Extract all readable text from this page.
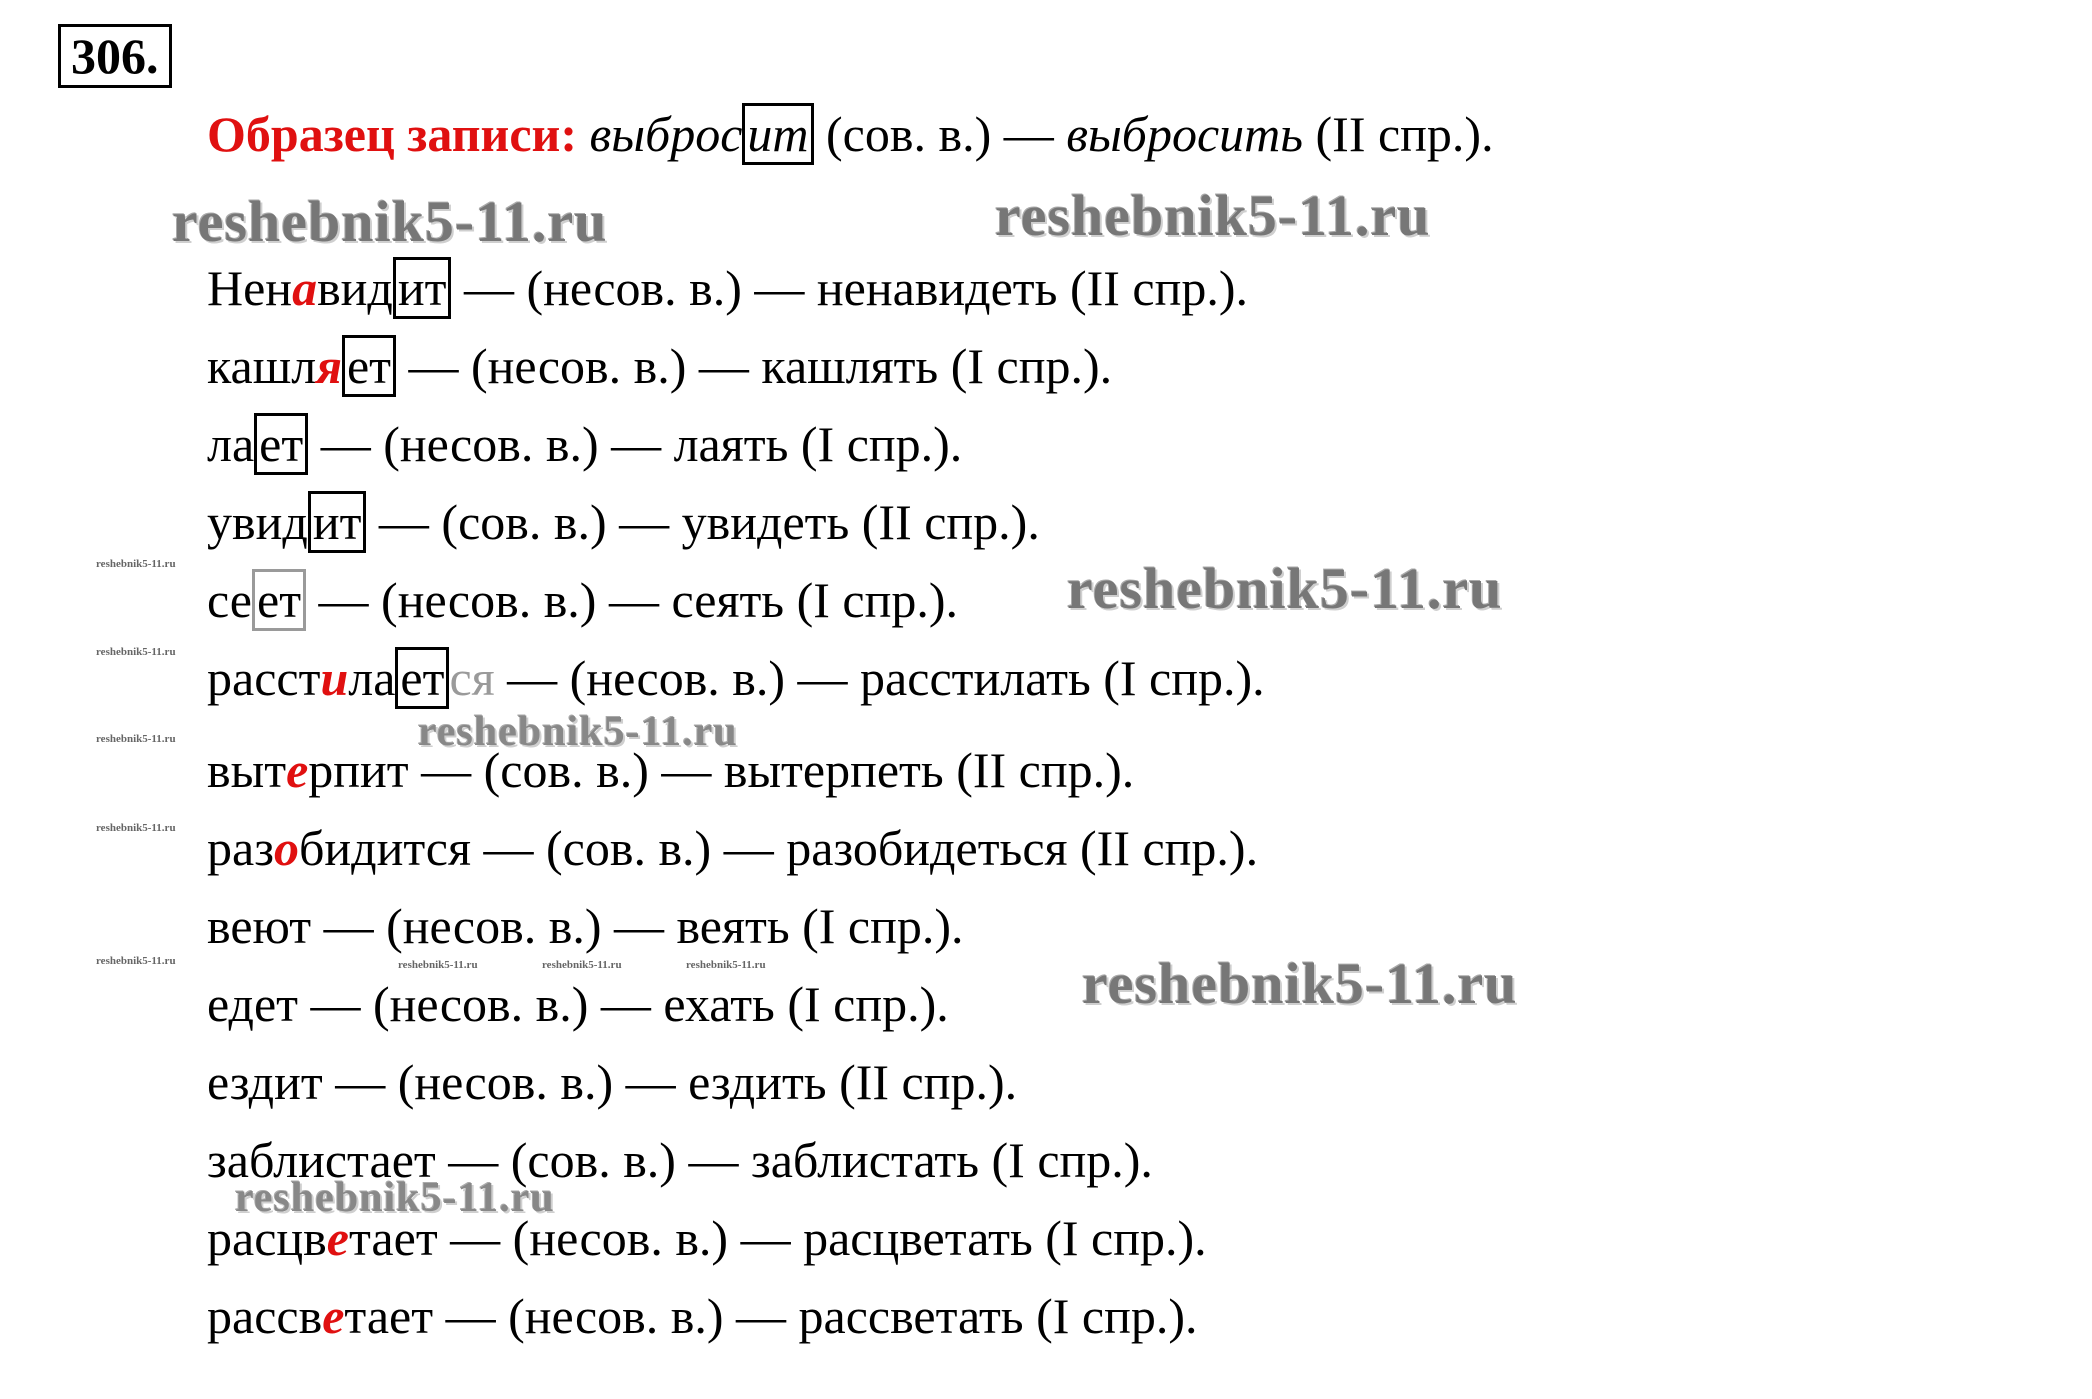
306.
Образец записи: выброс ит (сов. в.) — выбросить (II спр.).
Ненавид ит — (несов. в.) — ненавидеть (II спр.).
кашля ет — (несов. в.) — кашлять (I спр.).
ла ет — (несов. в.) — лаять (I спр.).
увид ит — (сов. в.) — увидеть (II спр.).
се ет — (несов. в.) — сеять (I спр.).
расстила ет ся — (несов. в.) — расстилать (I спр.).
вытерпит — (сов. в.) — вытерпеть (II спр.).
разобидится — (сов. в.) — разобидеться (II спр.).
веют — (несов. в.) — веять (I спр.).
едет — (несов. в.) — ехать (I спр.).
ездит — (несов. в.) — ездить (II спр.).
заблистает — (сов. в.) — заблистать (I спр.).
расцветает — (несов. в.) — расцветать (I спр.).
рассветает — (несов. в.) — рассветать (I спр.).
reshebnik5-11.ru	reshebnik5-11.ru
reshebnik5-11.ru
reshebnik5-11.ru
reshebnik5-11.ru
reshebnik5-11.ru
reshebnik5-11.ru
reshebnik5-11.ru
reshebnik5-11.ru
reshebnik5-11.ru
reshebnik5-11.ru	reshebnik5-11.ru	reshebnik5-11.ru	reshebnik5-11.ru
